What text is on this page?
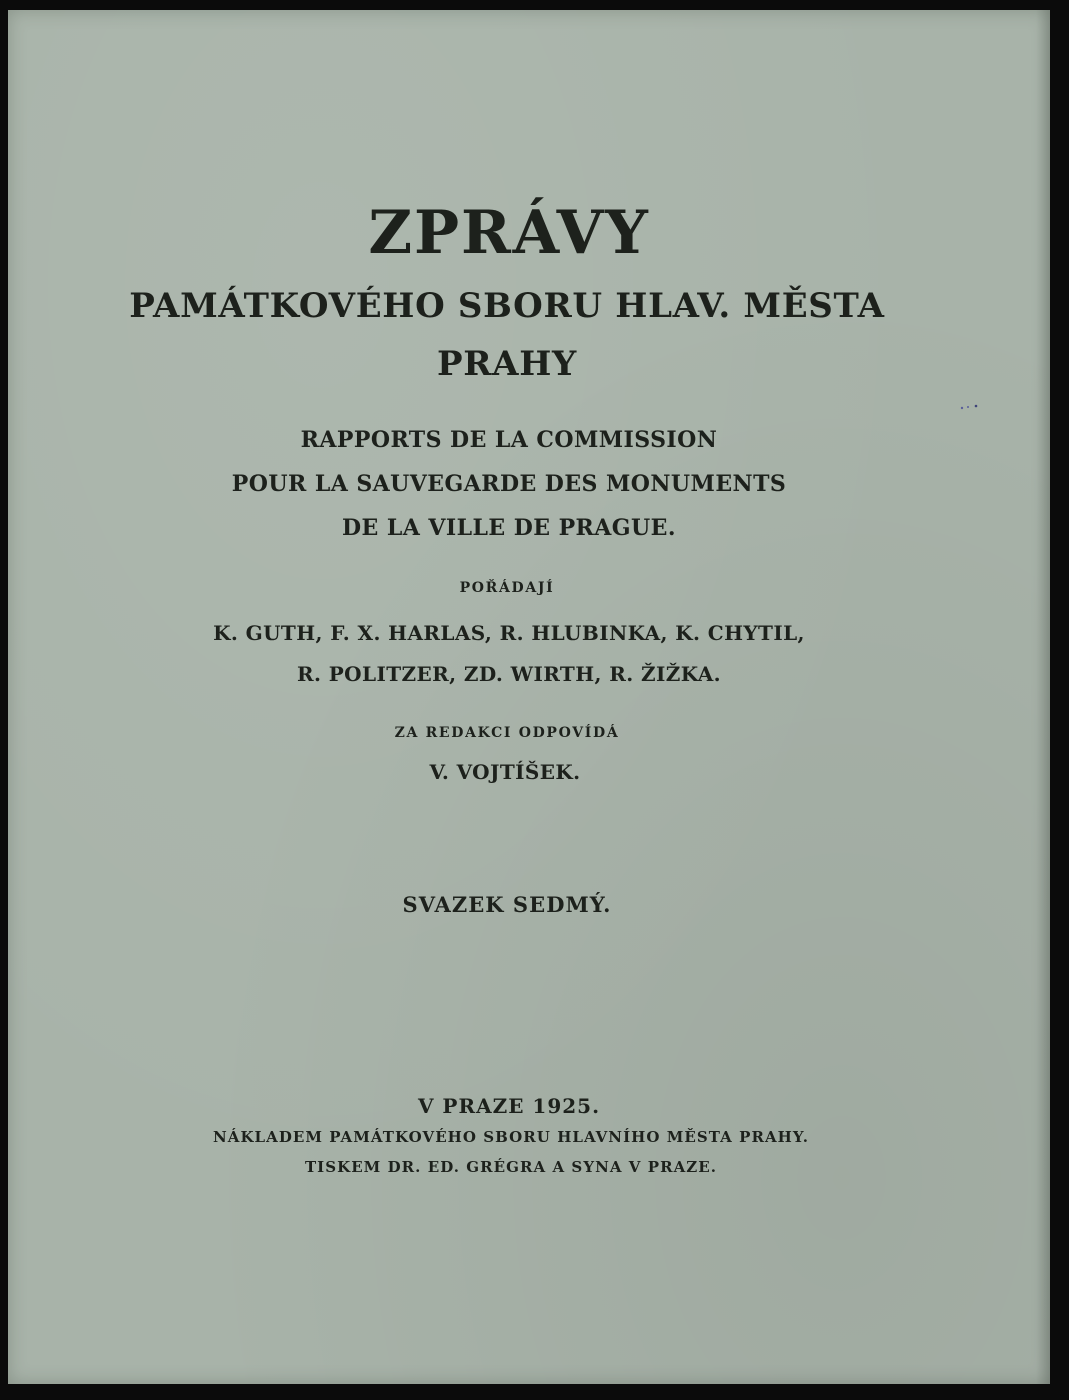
ZPRÁVY
PAMÁTKOVÉHO SBORU HLAV. MĚSTA
PRAHY
RAPPORTS DE LA COMMISSION
POUR LA SAUVEGARDE DES MONUMENTS
DE LA VILLE DE PRAGUE.
POŘÁDAJÍ
K. GUTH, F. X. HARLAS, R. HLUBINKA, K. CHYTIL,
R. POLITZER, ZD. WIRTH, R. ŽIŽKA.
ZA REDAKCI ODPOVÍDÁ
V. VOJTÍŠEK.
SVAZEK SEDMÝ.
V PRAZE 1925.
NÁKLADEM PAMÁTKOVÉHO SBORU HLAVNÍHO MĚSTA PRAHY.
TISKEM DR. ED. GRÉGRA A SYNA V PRAZE.
